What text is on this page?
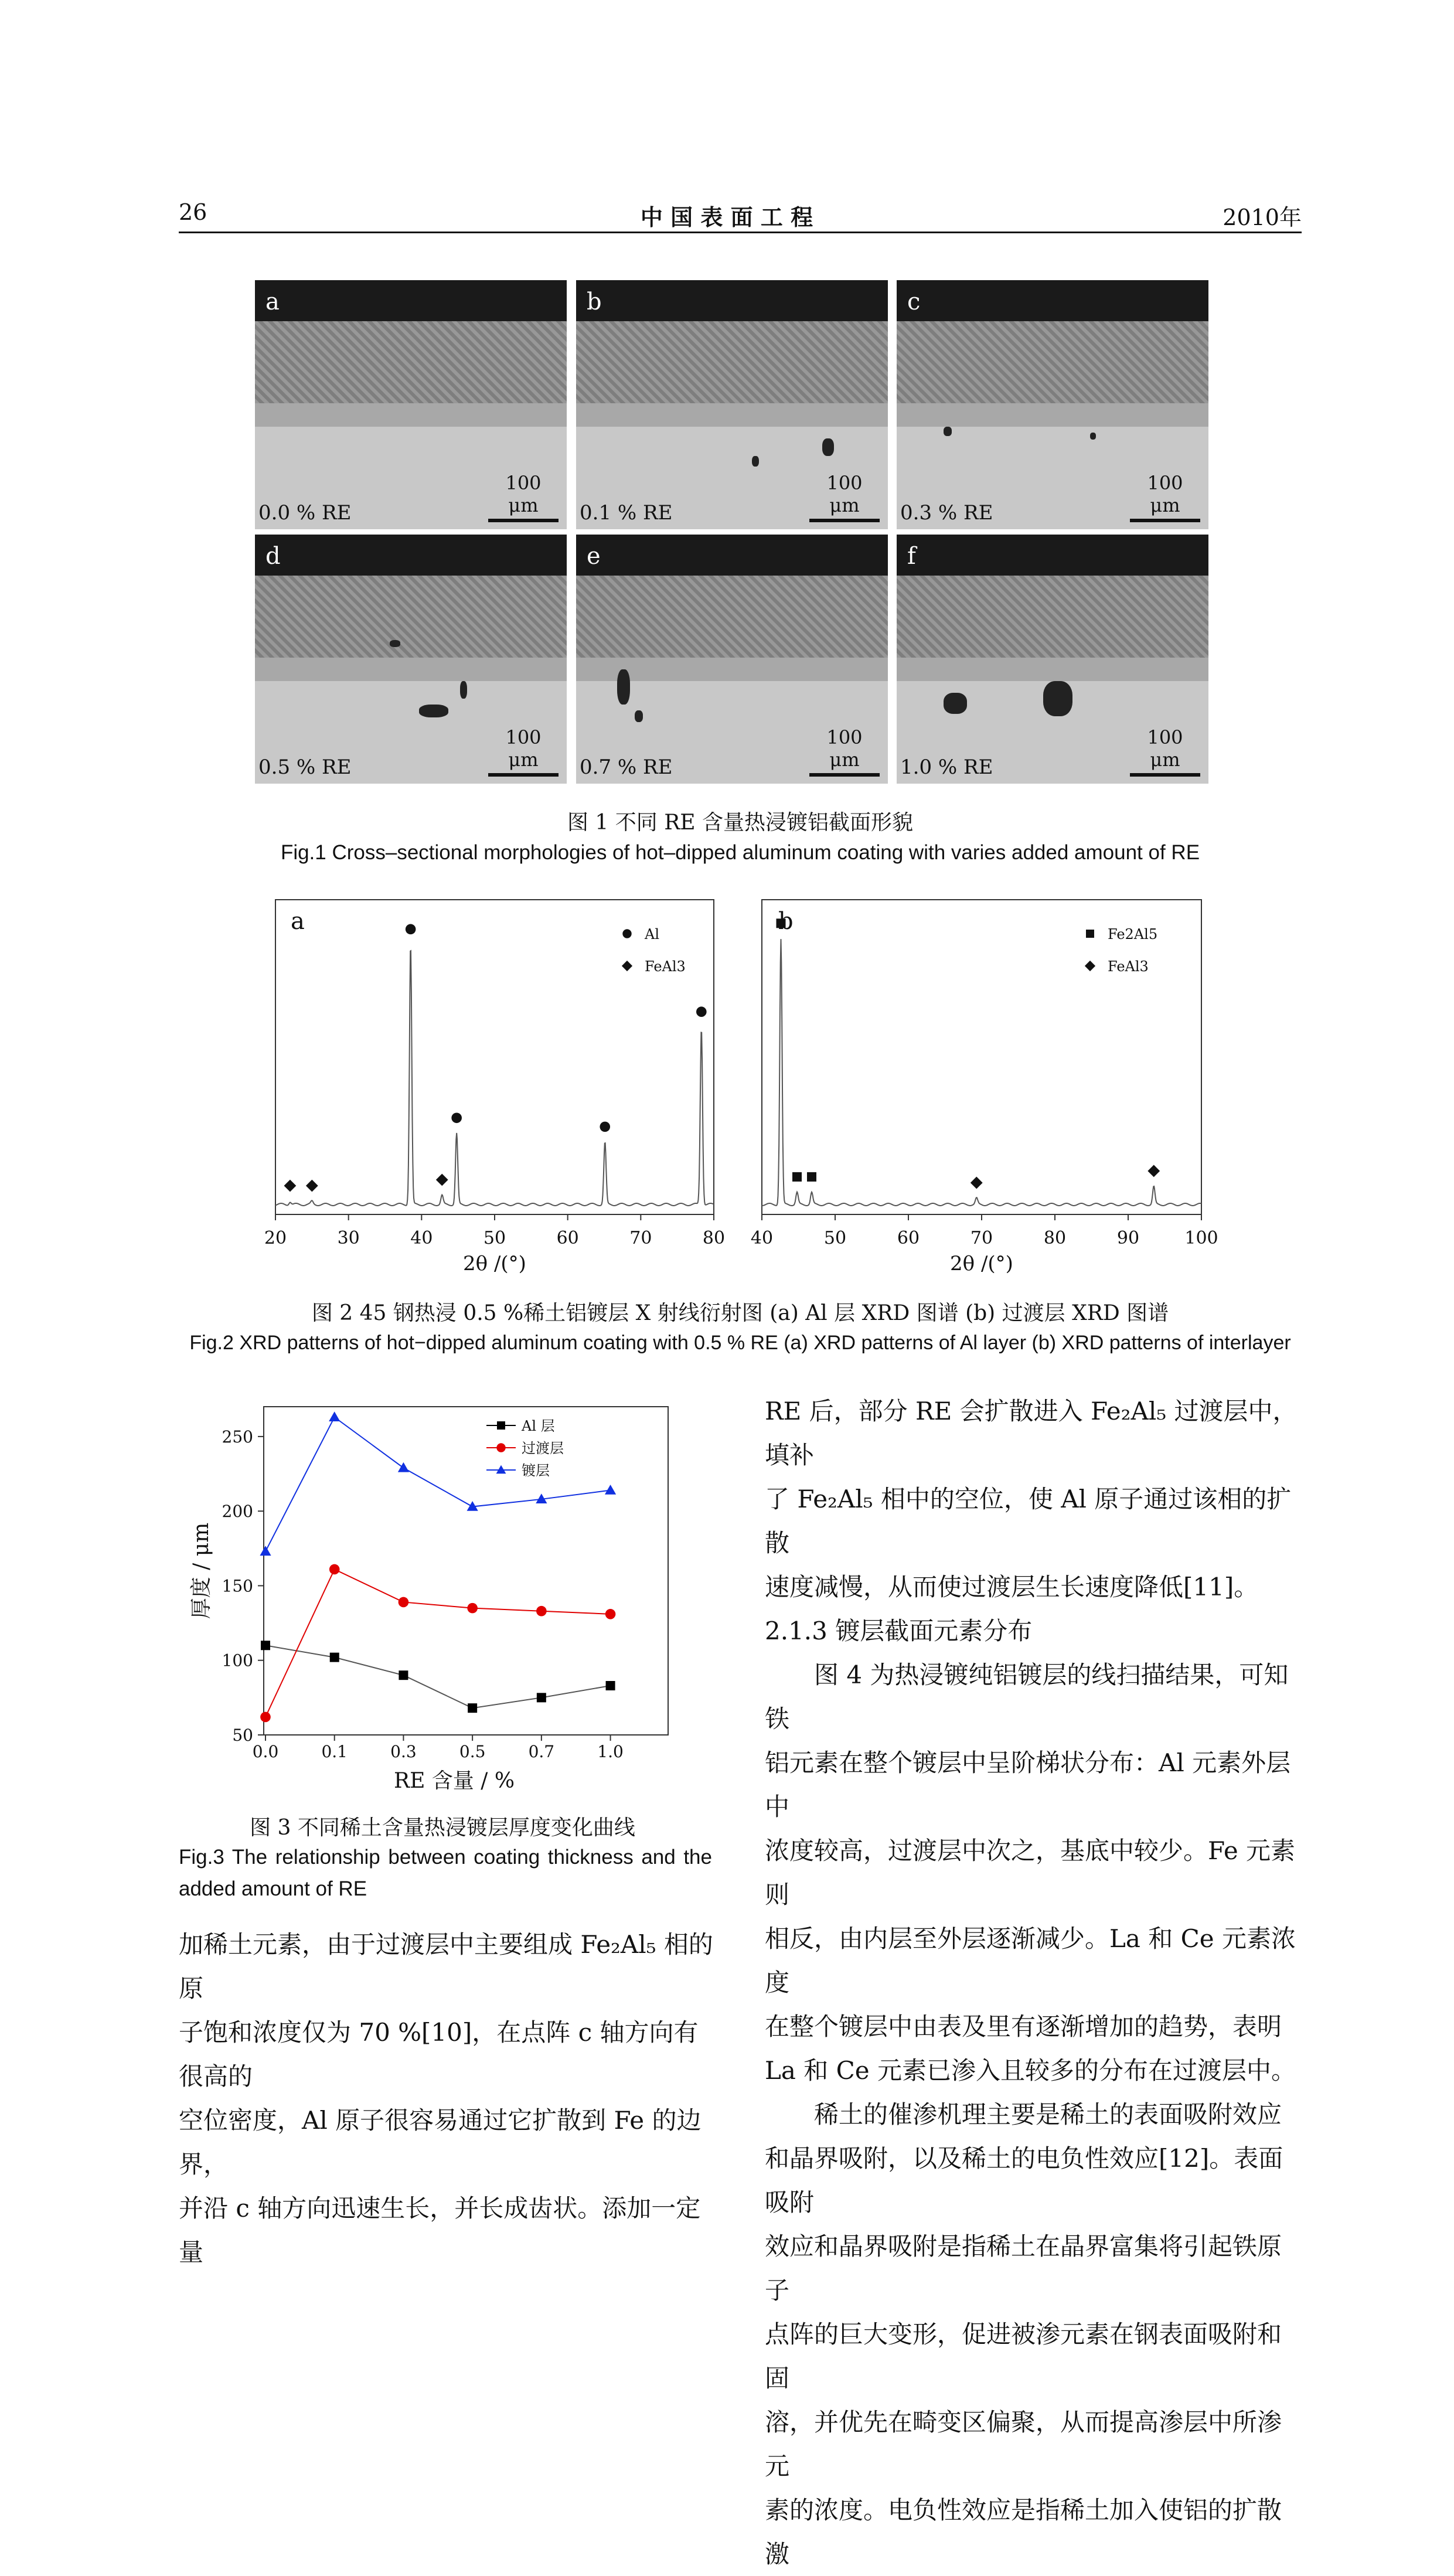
26	中 国 表 面 工 程	2010年
a
0.0 % RE
100 μm
b
0.1 % RE
100 μm
c
0.3 % RE
100 μm
d
0.5 % RE
100 μm
e
0.7 % RE
100 μm
f
1.0 % RE
100 μm
图 1 不同 RE 含量热浸镀铝截面形貌
Fig.1 Cross–sectional morphologies of hot–dipped aluminum coating with varies added amount of RE
20	30	40	50	60	70	80
2θ /(°)
a	Al
FeAl3
40	50	60	70	80	90	100
2θ /(°)
b	Fe2Al5
FeAl3
图 2 45 钢热浸 0.5 %稀土铝镀层 X 射线衍射图 (a) Al 层 XRD 图谱 (b) 过渡层 XRD 图谱
Fig.2 XRD patterns of hot−dipped aluminum coating with 0.5 % RE (a) XRD patterns of Al layer (b) XRD patterns of interlayer
50
100
150
200
250
0.0	0.1	0.3	0.5	0.7	1.0
RE 含量 / %
厚度 / μm
Al 层
过渡层
镀层
图 3 不同稀土含量热浸镀层厚度变化曲线
Fig.3 The relationship between coating thickness and the added amount of RE

加稀土元素，由于过渡层中主要组成 Fe₂Al₅ 相的原

子饱和浓度仅为 70 %[10]，在点阵 c 轴方向有很高的

空位密度，Al 原子很容易通过它扩散到 Fe 的边界，

并沿 c 轴方向迅速生长，并长成齿状。添加一定量

RE 后，部分 RE 会扩散进入 Fe₂Al₅ 过渡层中，填补

了 Fe₂Al₅ 相中的空位，使 Al 原子通过该相的扩散

速度减慢，从而使过渡层生长速度降低[11]。

2.1.3 镀层截面元素分布

图 4 为热浸镀纯铝镀层的线扫描结果，可知铁

铝元素在整个镀层中呈阶梯状分布：Al 元素外层中

浓度较高，过渡层中次之，基底中较少。Fe 元素则

相反，由内层至外层逐渐减少。La 和 Ce 元素浓度

在整个镀层中由表及里有逐渐增加的趋势，表明

La 和 Ce 元素已渗入且较多的分布在过渡层中。

稀土的催渗机理主要是稀土的表面吸附效应

和晶界吸附，以及稀土的电负性效应[12]。表面吸附

效应和晶界吸附是指稀土在晶界富集将引起铁原子

点阵的巨大变形，促进被渗元素在钢表面吸附和固

溶，并优先在畸变区偏聚，从而提高渗层中所渗元

素的浓度。电负性效应是指稀土加入使铝的扩散激
